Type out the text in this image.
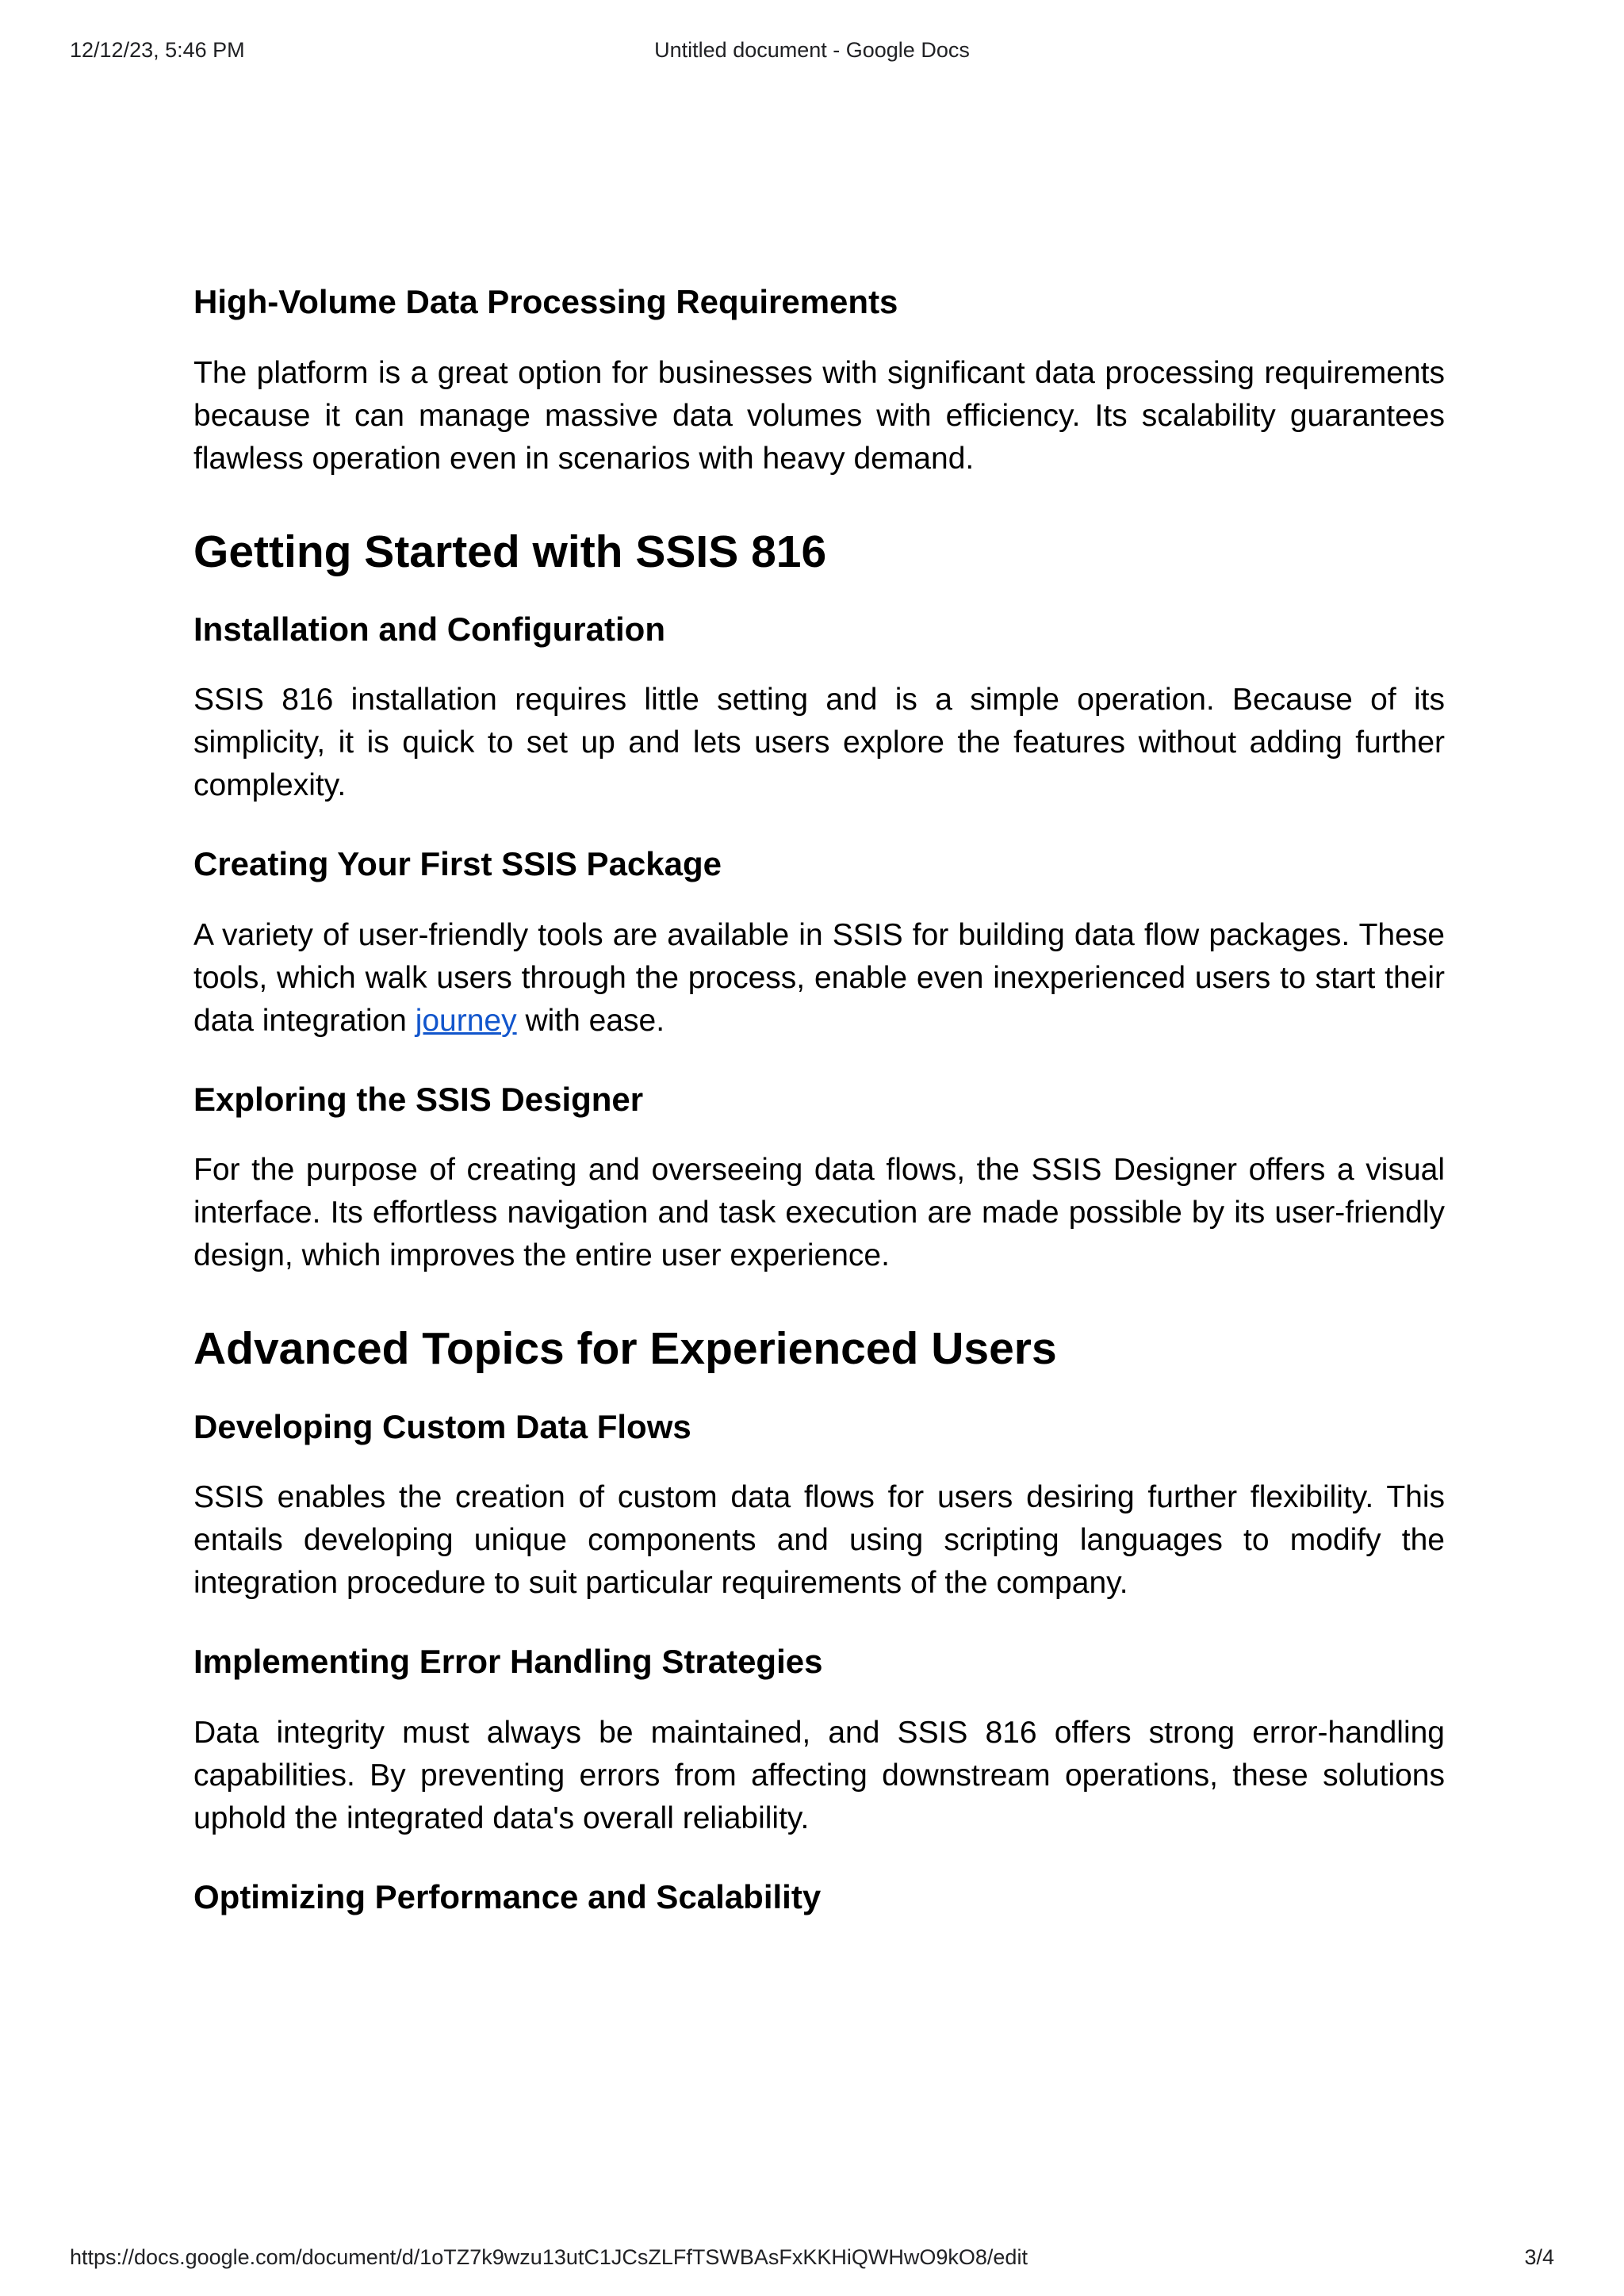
12/12/23, 5:46 PM	Untitled document - Google Docs
High-Volume Data Processing Requirements

The platform is a great option for businesses with significant data processing requirements because it can manage massive data volumes with efficiency. Its scalability guarantees flawless operation even in scenarios with heavy demand.

Getting Started with SSIS 816
Installation and Configuration

SSIS 816 installation requires little setting and is a simple operation. Because of its simplicity, it is quick to set up and lets users explore the features without adding further complexity.

Creating Your First SSIS Package

A variety of user-friendly tools are available in SSIS for building data flow packages. These tools, which walk users through the process, enable even inexperienced users to start their data integration journey with ease.

Exploring the SSIS Designer

For the purpose of creating and overseeing data flows, the SSIS Designer offers a visual interface. Its effortless navigation and task execution are made possible by its user-friendly design, which improves the entire user experience.

Advanced Topics for Experienced Users
Developing Custom Data Flows

SSIS enables the creation of custom data flows for users desiring further flexibility. This entails developing unique components and using scripting languages to modify the integration procedure to suit particular requirements of the company.

Implementing Error Handling Strategies

Data integrity must always be maintained, and SSIS 816 offers strong error-handling capabilities. By preventing errors from affecting downstream operations, these solutions uphold the integrated data's overall reliability.

Optimizing Performance and Scalability
https://docs.google.com/document/d/1oTZ7k9wzu13utC1JCsZLFfTSWBAsFxKKHiQWHwO9kO8/edit	3/4
